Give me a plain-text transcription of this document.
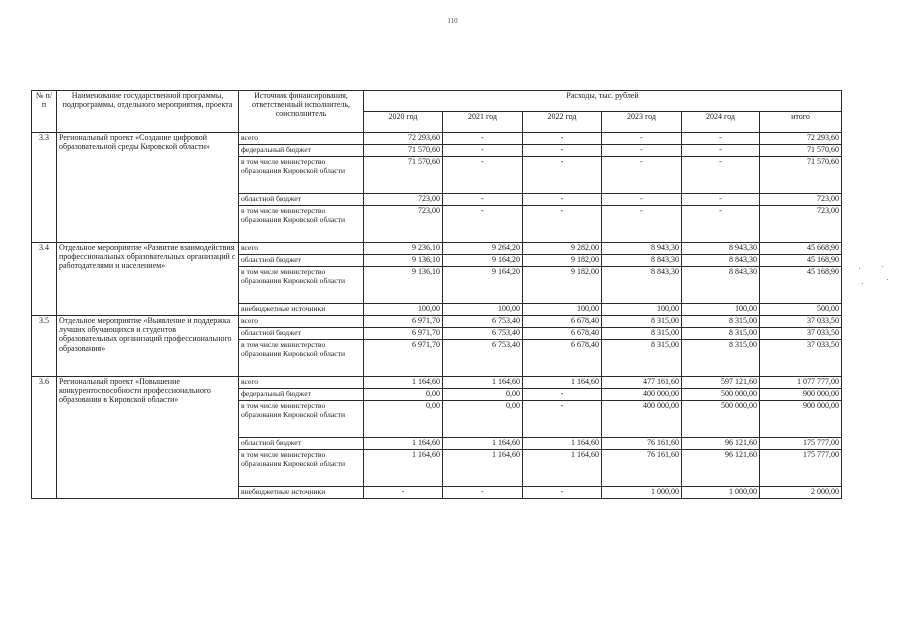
110
№ п/п	Наименование государственной программы, подпрограммы, отдельного мероприятия, проекта	Источник финансирования, ответственный исполнитель, соисполнитель	Расходы, тыс. рублей					
			2020 год	2021 год	2022 год	2023 год	2024 год	итого
3.3	Региональный проект «Создание цифровой образовательной среды Кировской области»	всего	72 293,60	-	-	-	-	72 293,60
		федеральный бюджет	71 570,60	-	-	-	-	71 570,60
		в том числе министерство образования Кировской области	71 570,60	-	-	-	-	71 570,60
		областной бюджет	723,00	-	-	-	-	723,00
		в том числе министерство образования Кировской области	723,00	-	-	-	-	723,00
3.4	Отдельное мероприятие «Развитие взаимодействия профессиональных образовательных организаций с работодателями и населением»	всего	9 236,10	9 264,20	9 282,00	8 943,30	8 943,30	45 668,90
		областной бюджет	9 136,10	9 164,20	9 182,00	8 843,30	8 843,30	45 168,90
		в том числе министерство образования Кировской области	9 136,10	9 164,20	9 182,00	8 843,30	8 843,30	45 168,90
		внебюджетные источники	100,00	100,00	100,00	100,00	100,00	500,00
3.5	Отдельное мероприятие «Выявление и поддержка лучших обучающихся и студентов образовательных организаций профессионального образования»	всего	6 971,70	6 753,40	6 678,40	8 315,00	8 315,00	37 033,50
		областной бюджет	6 971,70	6 753,40	6 678,40	8 315,00	8 315,00	37 033,50
		в том числе министерство образования Кировской области	6 971,70	6 753,40	6 678,40	8 315,00	8 315,00	37 033,50
3.6	Региональный проект «Повышение конкурентоспособности профессионального образования в Кировской области»	всего	1 164,60	1 164,60	1 164,60	477 161,60	597 121,60	1 077 777,00
		федеральный бюджет	0,00	0,00	-	400 000,00	500 000,00	900 000,00
		в том числе министерство образования Кировской области	0,00	0,00	-	400 000,00	500 000,00	900 000,00
		областной бюджет	1 164,60	1 164,60	1 164,60	76 161,60	96 121,60	175 777,00
		в том числе министерство образования Кировской области	1 164,60	1 164,60	1 164,60	76 161,60	96 121,60	175 777,00
		внебюджетные источники	-	-	-	1 000,00	1 000,00	2 000,00
